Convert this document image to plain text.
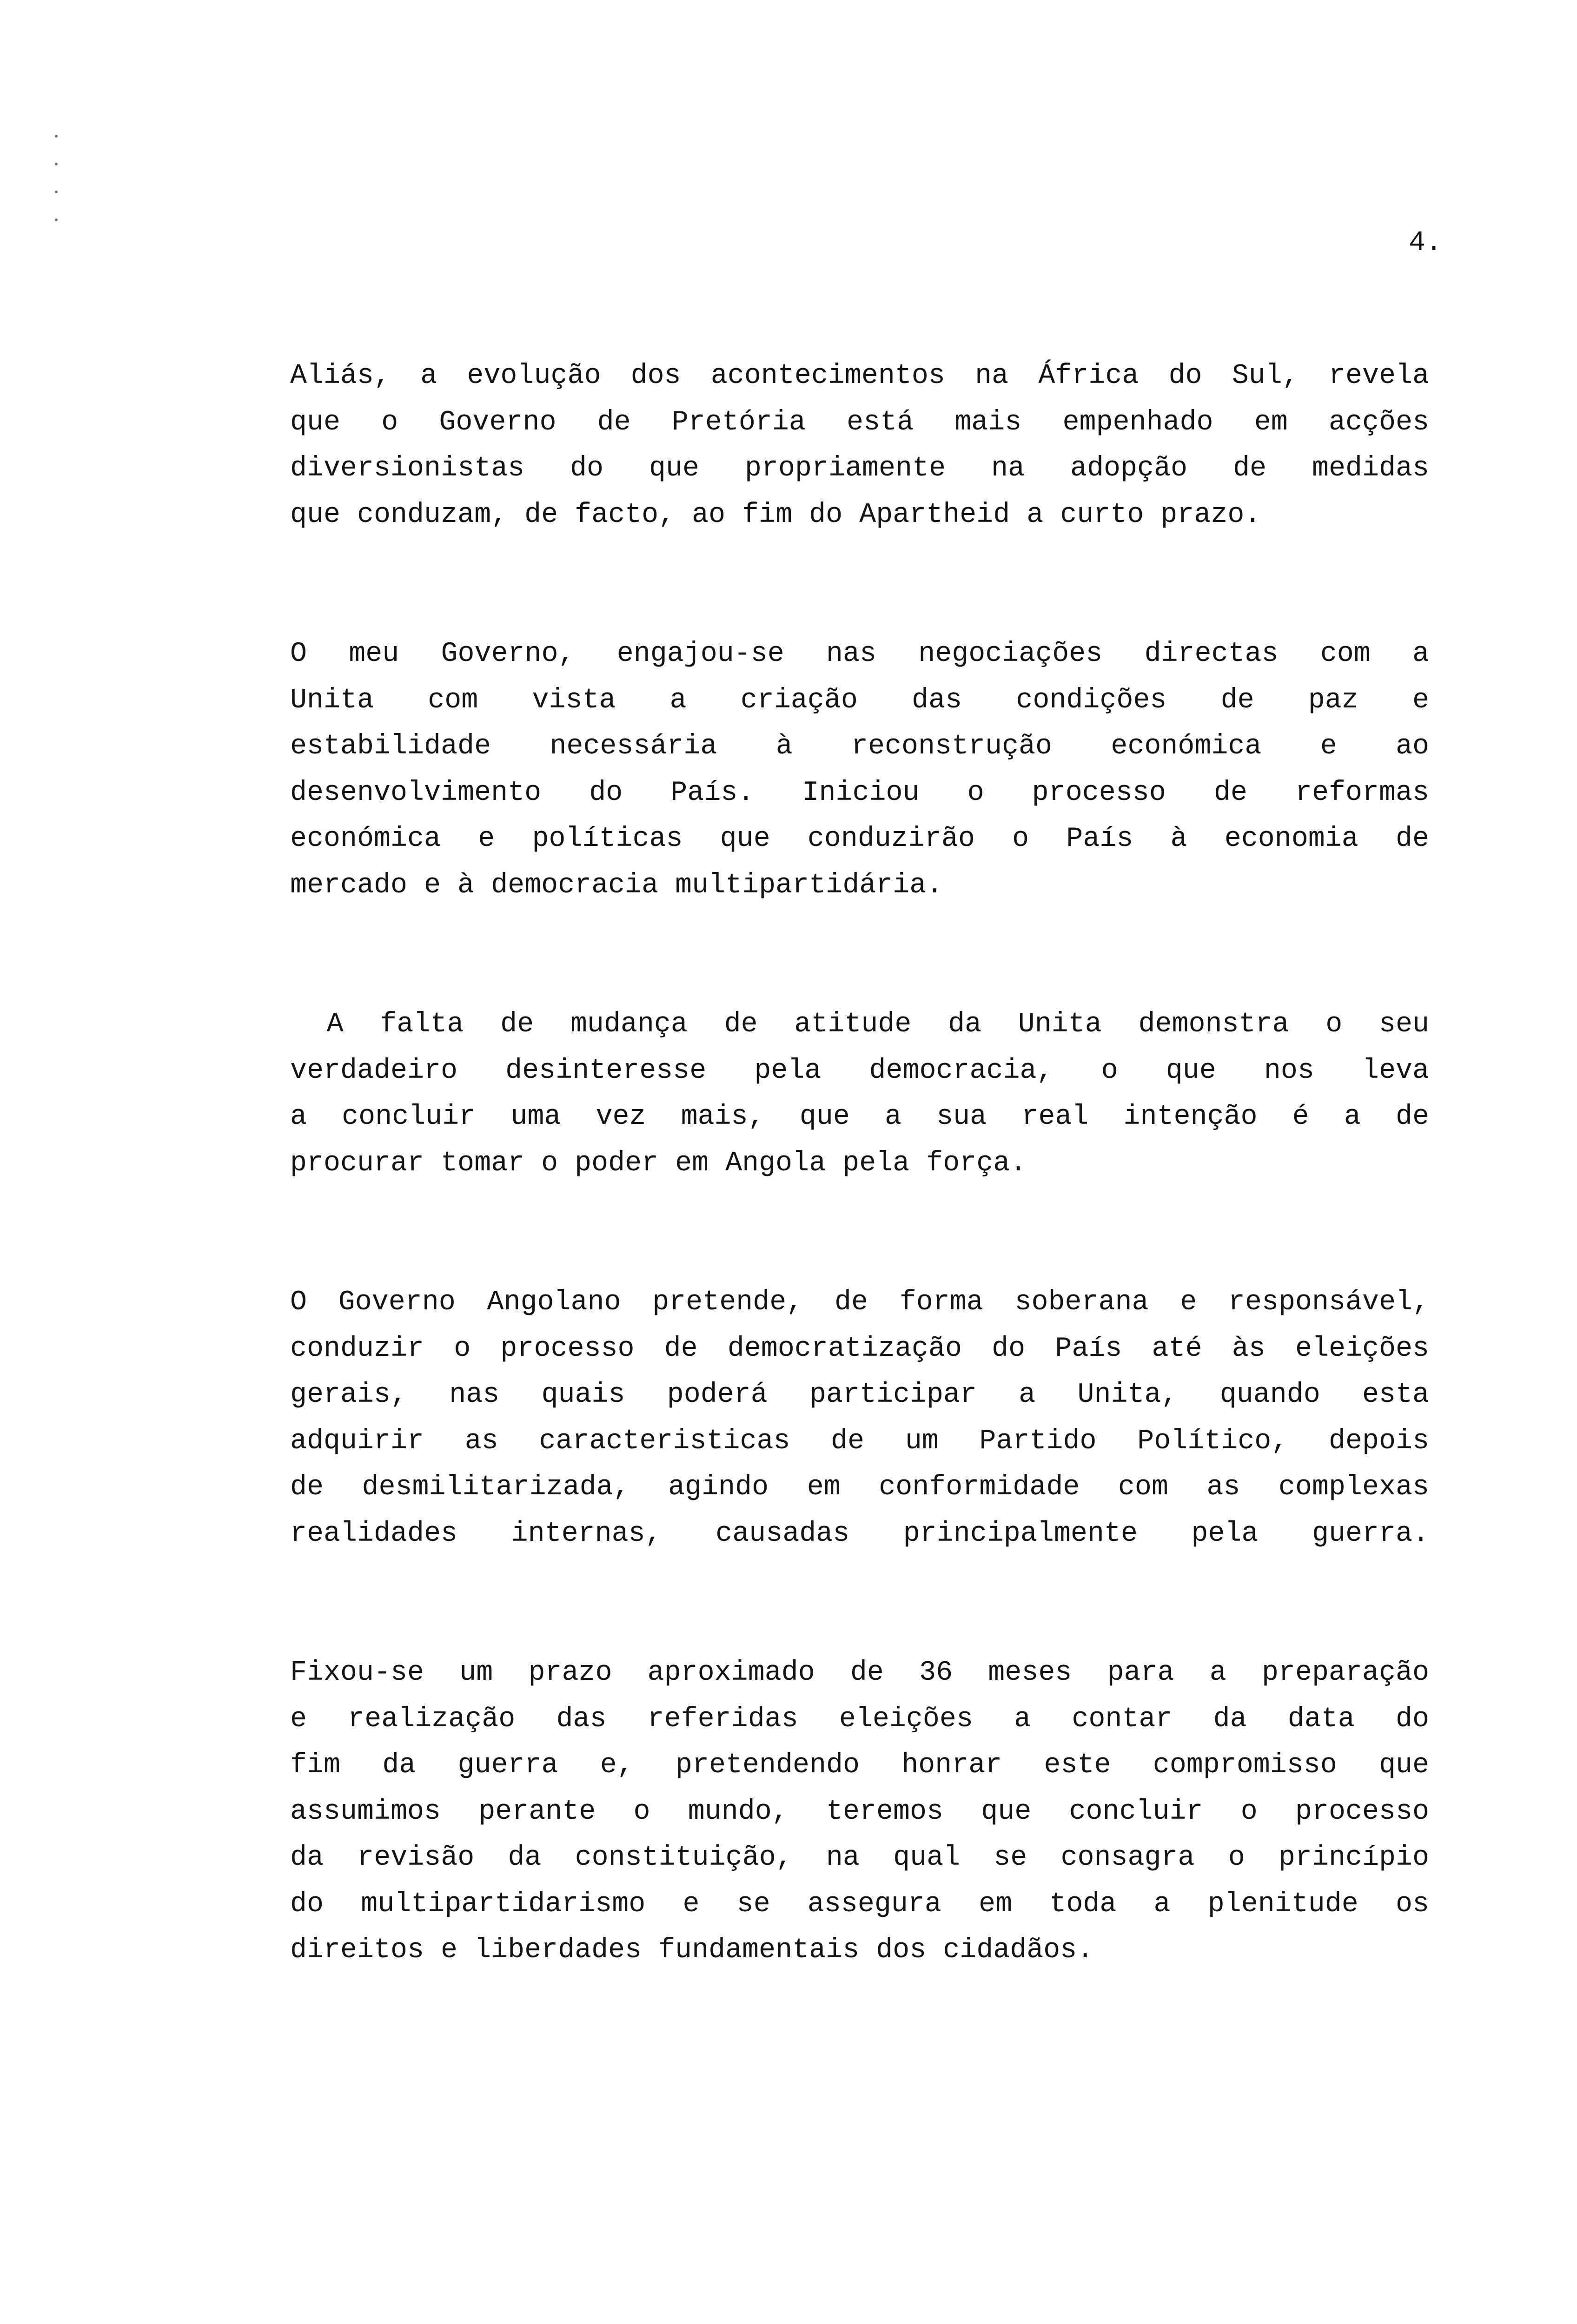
4.
Aliás, a evolução dos acontecimentos na África do Sul, revela
que o Governo de Pretória está mais empenhado em acções
diversionistas do que propriamente na adopção de medidas
que conduzam, de facto, ao fim do Apartheid a curto prazo.
O meu Governo, engajou-se nas negociações directas com a
Unita com vista a criação das condições de paz e
estabilidade necessária à reconstrução económica e ao
desenvolvimento do País. Iniciou o processo de reformas
económica e políticas que conduzirão o País à economia de
mercado e à democracia multipartidária.
A falta de mudança de atitude da Unita demonstra o seu
verdadeiro desinteresse pela democracia, o que nos leva
a concluir uma vez mais, que a sua real intenção é a de
procurar tomar o poder em Angola pela força.
O Governo Angolano pretende, de forma soberana e responsável,
conduzir o processo de democratização do País até às eleições
gerais, nas quais poderá participar a Unita, quando esta
adquirir as caracteristicas de um Partido Político, depois
de desmilitarizada, agindo em conformidade com as complexas
realidades internas, causadas principalmente pela guerra.
Fixou-se um prazo aproximado de 36 meses para a preparação
e realização das referidas eleições a contar da data do
fim da guerra e, pretendendo honrar este compromisso que
assumimos perante o mundo, teremos que concluir o processo
da revisão da constituição, na qual se consagra o princípio
do multipartidarismo e se assegura em toda a plenitude os
direitos e liberdades fundamentais dos cidadãos.
